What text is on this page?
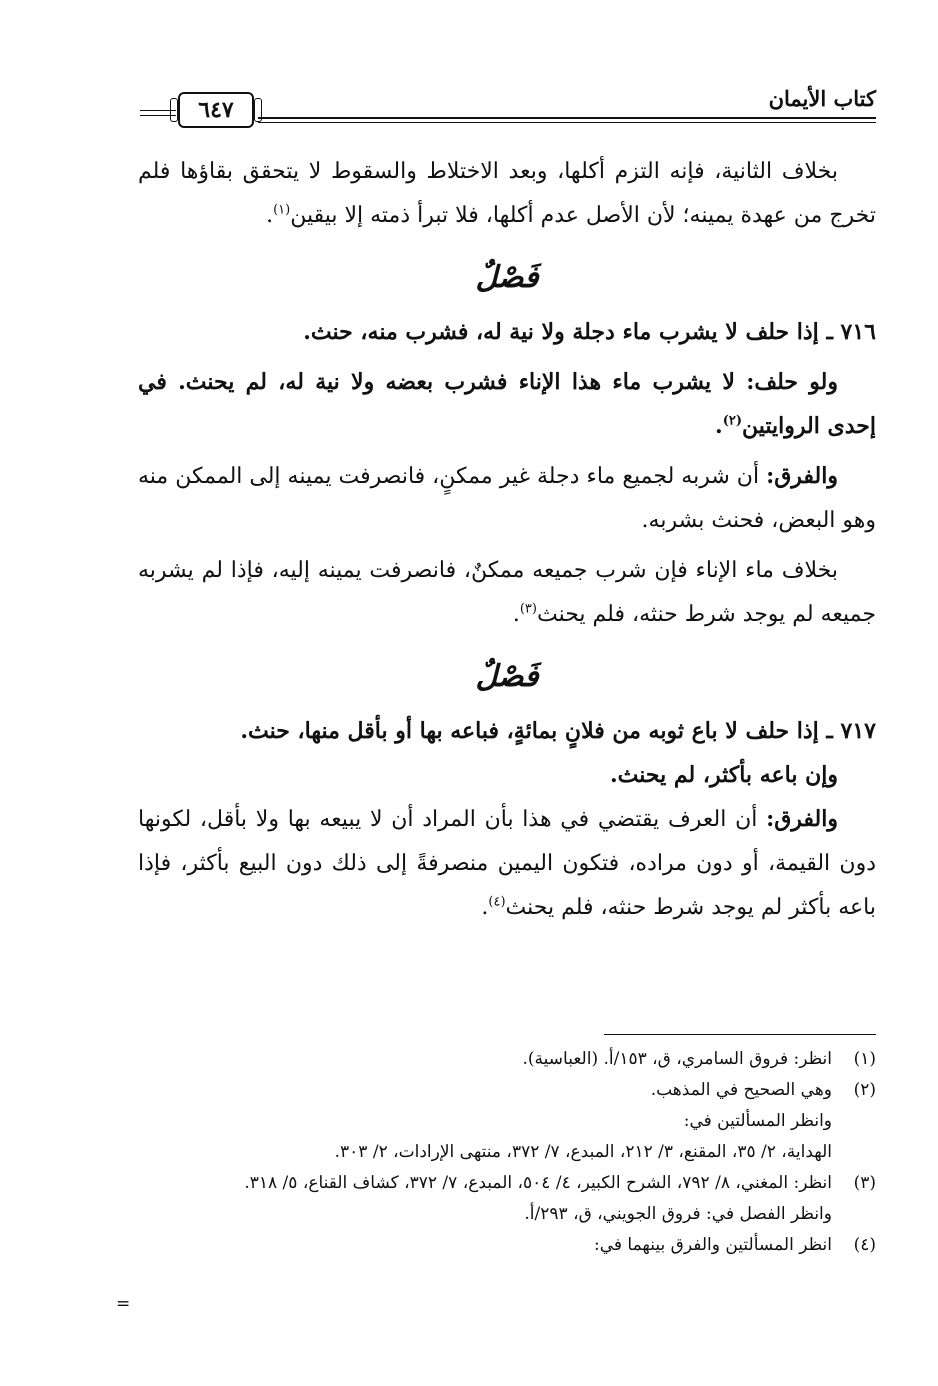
كتاب الأيمان
٦٤٧

بخلاف الثانية، فإنه التزم أكلها، وبعد الاختلاط والسقوط لا يتحقق بقاؤها فلم تخرج من عهدة يمينه؛ لأن الأصل عدم أكلها، فلا تبرأ ذمته إلا بيقين$^{(١)}$.

فَصْلٌ

٧١٦ ـ إذا حلف لا يشرب ماء دجلة ولا نية له، فشرب منه، حنث.

ولو حلف: لا يشرب ماء هذا الإناء فشرب بعضه ولا نية له، لم يحنث. في إحدى الروايتين$^{(٢)}$.

والفرق: أن شربه لجميع ماء دجلة غير ممكنٍ، فانصرفت يمينه إلى الممكن منه وهو البعض، فحنث بشربه.

بخلاف ماء الإناء فإن شرب جميعه ممكنٌ، فانصرفت يمينه إليه، فإذا لم يشربه جميعه لم يوجد شرط حنثه، فلم يحنث$^{(٣)}$.

فَصْلٌ

٧١٧ ـ إذا حلف لا باع ثوبه من فلانٍ بمائةٍ، فباعه بها أو بأقل منها، حنث.

وإن باعه بأكثر، لم يحنث.

والفرق: أن العرف يقتضي في هذا بأن المراد أن لا يبيعه بها ولا بأقل، لكونها دون القيمة، أو دون مراده، فتكون اليمين منصرفةً إلى ذلك دون البيع بأكثر، فإذا باعه بأكثر لم يوجد شرط حنثه، فلم يحنث$^{(٤)}$.

(١)
انظر: فروق السامري، ق، ١٥٣/أ. (العباسية).
(٢)
وهي الصحيح في المذهب.
وانظر المسألتين في:
الهداية، ٢/ ٣٥، المقنع، ٣/ ٢١٢، المبدع، ٧/ ٣٧٢، منتهى الإرادات، ٢/ ٣٠٣.
(٣)
انظر: المغني، ٨/ ٧٩٢، الشرح الكبير، ٤/ ٥٠٤، المبدع، ٧/ ٣٧٢، كشاف القناع، ٥/ ٣١٨.
وانظر الفصل في: فروق الجويني، ق، ٢٩٣/أ.
(٤)
انظر المسألتين والفرق بينهما في:
=
